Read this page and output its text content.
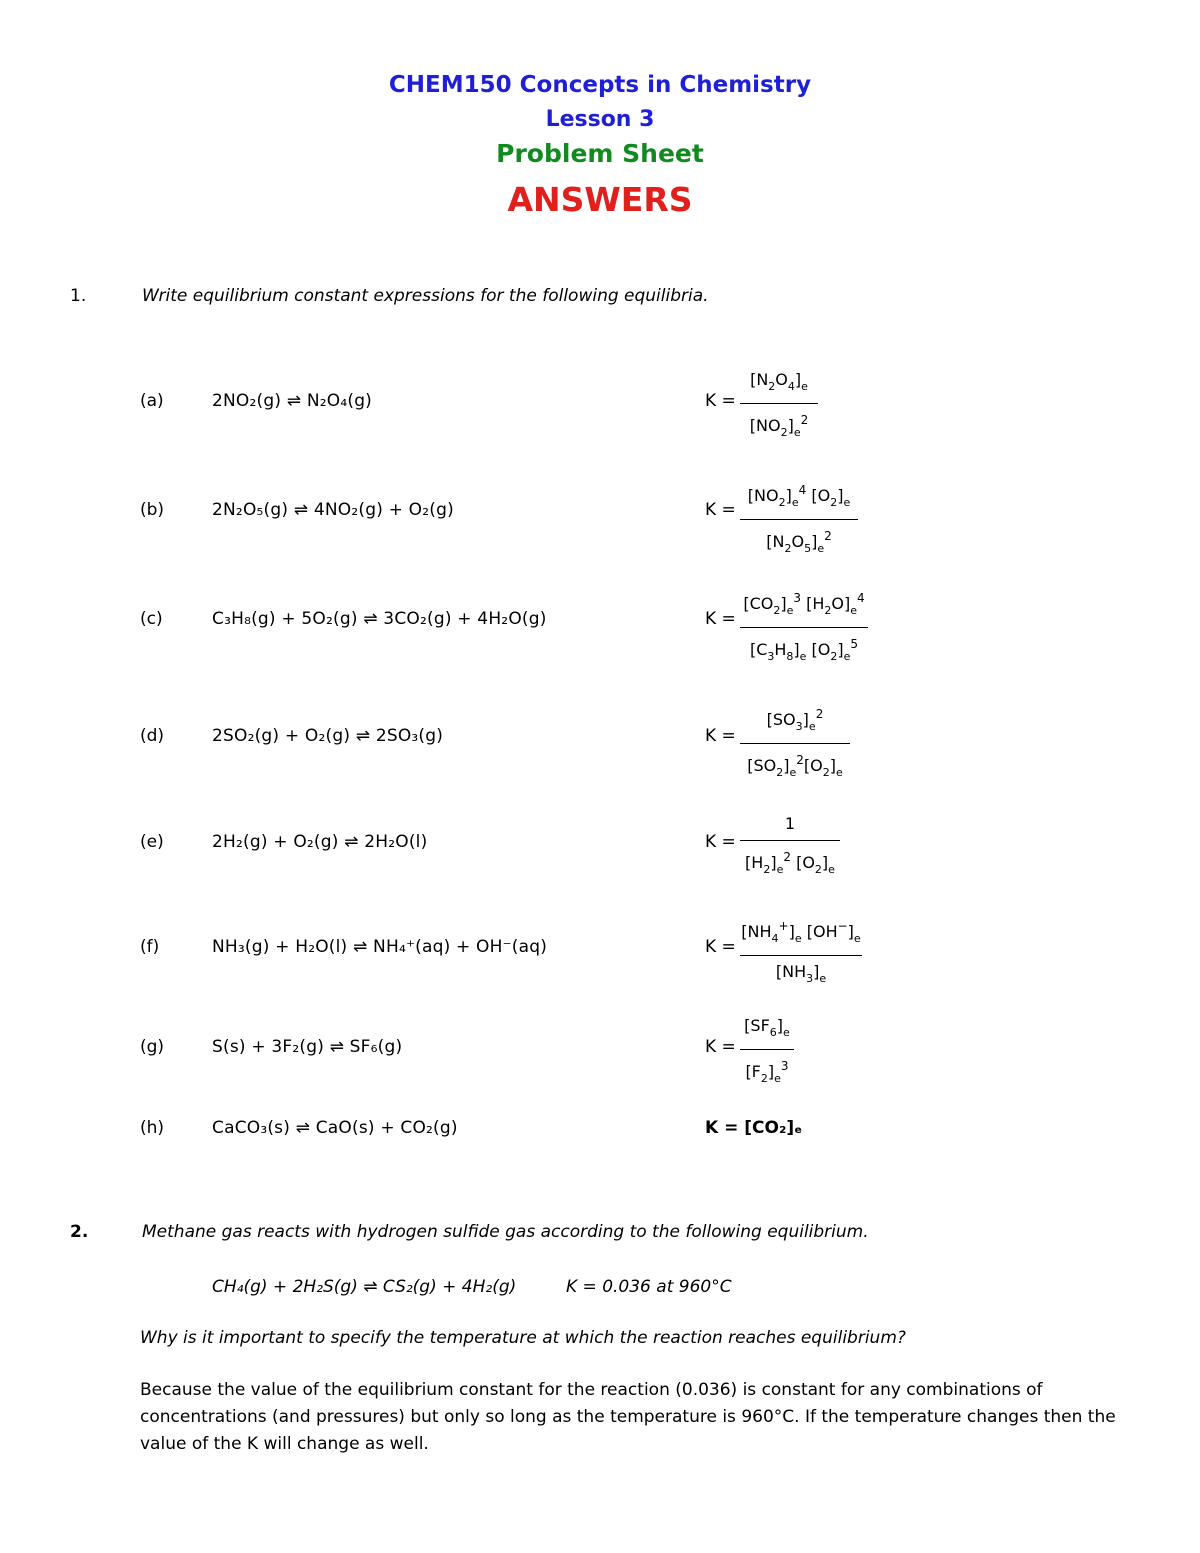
CHEM150 Concepts in Chemistry
Lesson 3
Problem Sheet
ANSWERS
1.	Write equilibrium constant expressions for the following equilibria.
(a)	2NO₂(g) ⇌ N₂O₄(g)	K =
$[N_2O_4]_e$
$[NO_2]_e^2$
(b)	2N₂O₅(g) ⇌ 4NO₂(g) + O₂(g)	K =
$[NO_2]_e^4$ $[O_2]_e$
$[N_2O_5]_e^2$
(c)	C₃H₈(g) + 5O₂(g) ⇌ 3CO₂(g) + 4H₂O(g)	K =
$[CO_2]_e^3$ $[H_2O]_e^4$
$[C_3H_8]_e$ $[O_2]_e^5$
(d)	2SO₂(g) + O₂(g) ⇌ 2SO₃(g)	K =
$[SO_3]_e^2$
$[SO_2]_e^2[O_2]_e$
(e)	2H₂(g) + O₂(g) ⇌ 2H₂O(l)	K =
1
$[H_2]_e^2$ $[O_2]_e$
(f)	NH₃(g) + H₂O(l) ⇌ NH₄⁺(aq) + OH⁻(aq)	K =
$[NH_4^+]_e$ $[OH^-]_e$
$[NH_3]_e$
(g)	S(s) + 3F₂(g) ⇌ SF₆(g)	K =
$[SF_6]_e$
$[F_2]_e^3$
(h)	CaCO₃(s) ⇌ CaO(s) + CO₂(g)	K = [CO₂]ₑ
2.	Methane gas reacts with hydrogen sulfide gas according to the following equilibrium.
CH₄(g) + 2H₂S(g) ⇌ CS₂(g) + 4H₂(g)	K = 0.036 at 960°C
Why is it important to specify the temperature at which the reaction reaches equilibrium?
Because the value of the equilibrium constant for the reaction (0.036) is constant for any combinations of concentrations (and pressures) but only so long as the temperature is 960°C. If the temperature changes then the value of the K will change as well.
